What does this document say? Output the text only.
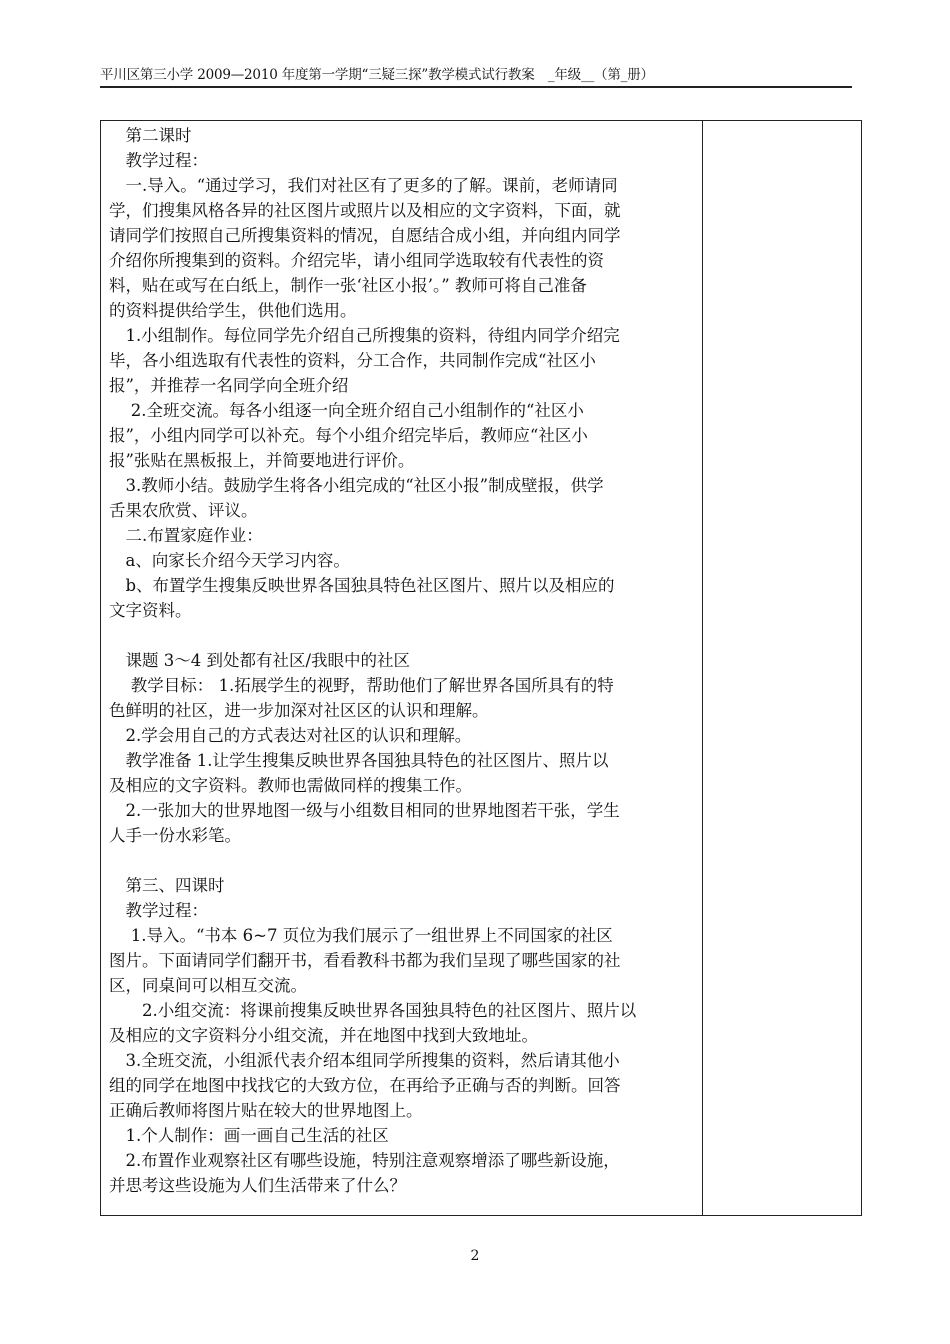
平川区第三小学 2009—2010 年度第一学期“三疑三探”教学模式试行教案　_年级__（第_册）
　第二课时
　教学过程：
　一.导入。“通过学习，我们对社区有了更多的了解。课前，老师请同
学，们搜集风格各异的社区图片或照片以及相应的文字资料，下面，就
请同学们按照自己所搜集资料的情况，自愿结合成小组，并向组内同学
介绍你所搜集到的资料。介绍完毕，请小组同学选取较有代表性的资
料，贴在或写在白纸上，制作一张‘社区小报’。” 教师可将自己准备
的资料提供给学生，供他们选用。
　1.小组制作。每位同学先介绍自己所搜集的资料，待组内同学介绍完
毕，各小组选取有代表性的资料，分工合作，共同制作完成“社区小
报”，并推荐一名同学向全班介绍
　 2.全班交流。每各小组逐一向全班介绍自己小组制作的“社区小
报”，小组内同学可以补充。每个小组介绍完毕后，教师应“社区小
报”张贴在黑板报上，并简要地进行评价。
　3.教师小结。鼓励学生将各小组完成的“社区小报”制成壁报，供学
舌果农欣赏、评议。
　二.布置家庭作业：
　a、向家长介绍今天学习内容。
　b、布置学生搜集反映世界各国独具特色社区图片、照片以及相应的
文字资料。
　课题 3～4 到处都有社区/我眼中的社区
　 教学目标： 1.拓展学生的视野，帮助他们了解世界各国所具有的特
色鲜明的社区，进一步加深对社区区的认识和理解。
　2.学会用自己的方式表达对社区的认识和理解。
　教学准备 1.让学生搜集反映世界各国独具特色的社区图片、照片以
及相应的文字资料。教师也需做同样的搜集工作。
　2.一张加大的世界地图一级与小组数目相同的世界地图若干张，学生
人手一份水彩笔。
　第三、四课时
　教学过程：
　 1.导入。“书本 6~7 页位为我们展示了一组世界上不同国家的社区
图片。下面请同学们翻开书，看看教科书都为我们呈现了哪些国家的社
区，同桌间可以相互交流。
　　2.小组交流：将课前搜集反映世界各国独具特色的社区图片、照片以
及相应的文字资料分小组交流，并在地图中找到大致地址。
　3.全班交流，小组派代表介绍本组同学所搜集的资料，然后请其他小
组的同学在地图中找找它的大致方位，在再给予正确与否的判断。回答
正确后教师将图片贴在较大的世界地图上。
　1.个人制作：画一画自己生活的社区
　2.布置作业观察社区有哪些设施，特别注意观察增添了哪些新设施，
并思考这些设施为人们生活带来了什么？
2
